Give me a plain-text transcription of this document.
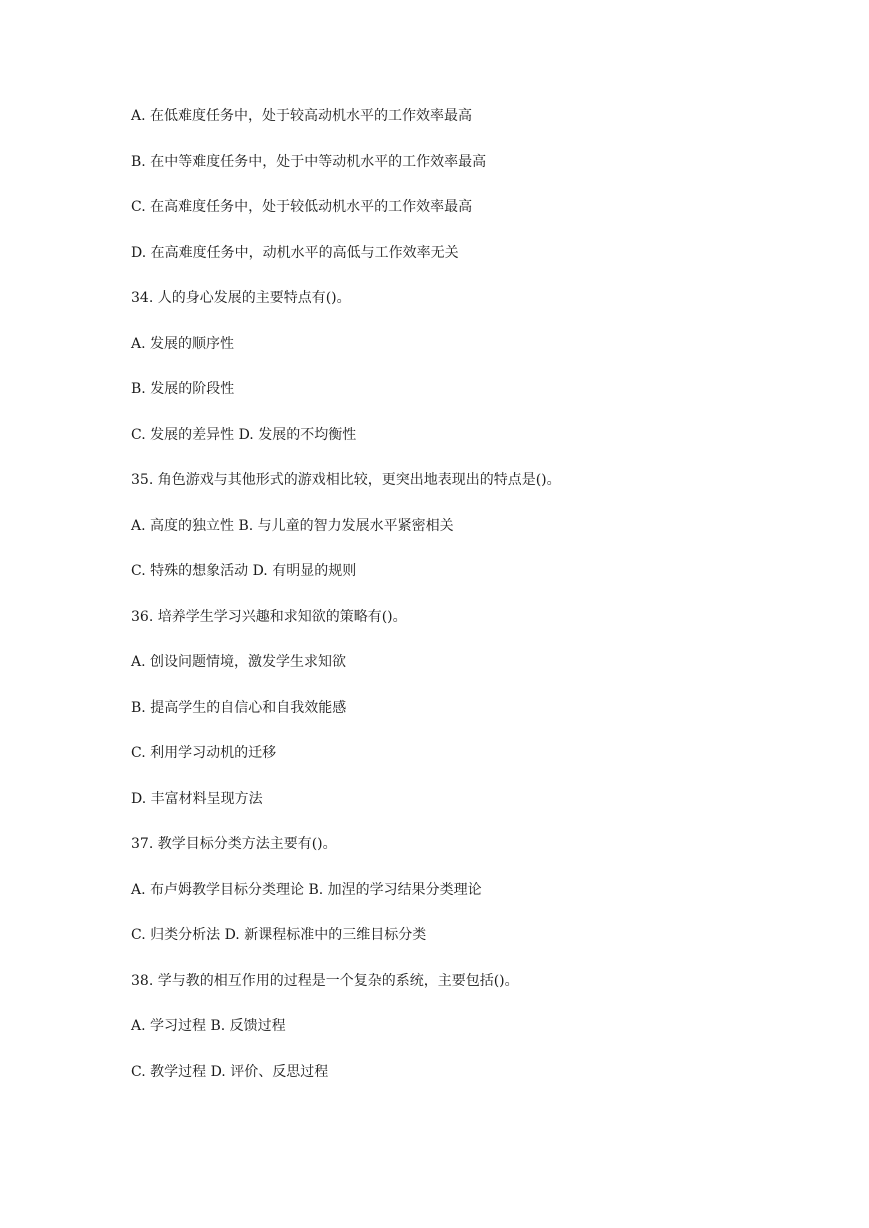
A. 在低难度任务中，处于较高动机水平的工作效率最高

B. 在中等难度任务中，处于中等动机水平的工作效率最高

C. 在高难度任务中，处于较低动机水平的工作效率最高

D. 在高难度任务中，动机水平的高低与工作效率无关

34. 人的身心发展的主要特点有()。

A. 发展的顺序性

B. 发展的阶段性

C. 发展的差异性 D. 发展的不均衡性

35. 角色游戏与其他形式的游戏相比较，更突出地表现出的特点是()。

A. 高度的独立性 B. 与儿童的智力发展水平紧密相关

C. 特殊的想象活动 D. 有明显的规则

36. 培养学生学习兴趣和求知欲的策略有()。

A. 创设问题情境，激发学生求知欲

B. 提高学生的自信心和自我效能感

C. 利用学习动机的迁移

D. 丰富材料呈现方法

37. 教学目标分类方法主要有()。

A. 布卢姆教学目标分类理论 B. 加涅的学习结果分类理论

C. 归类分析法 D. 新课程标准中的三维目标分类

38. 学与教的相互作用的过程是一个复杂的系统，主要包括()。

A. 学习过程 B. 反馈过程

C. 教学过程 D. 评价、反思过程
